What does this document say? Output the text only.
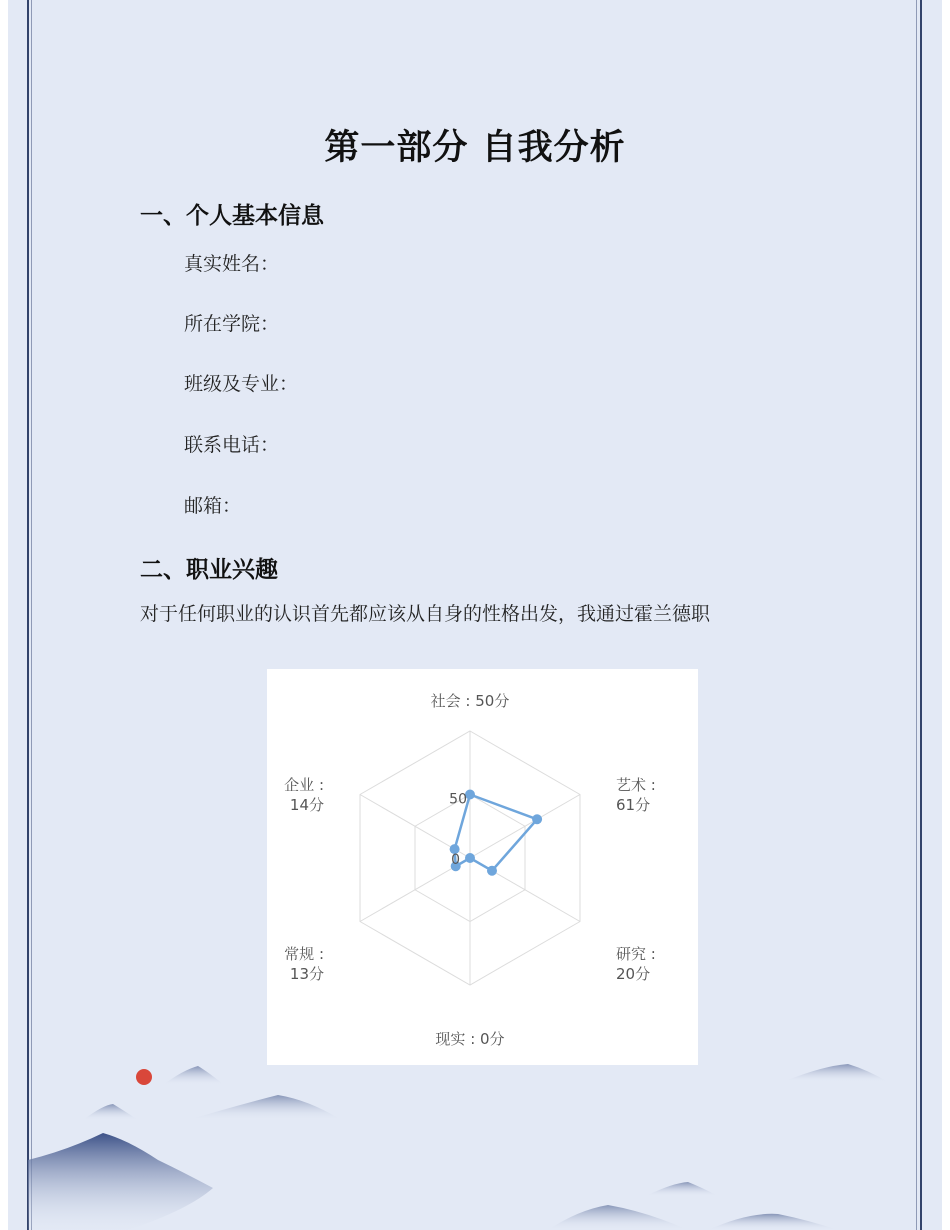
第一部分 自我分析
一、个人基本信息
真实姓名：
所在学院：
班级及专业：
联系电话：
邮箱：
二、职业兴趣
对于任何职业的认识首先都应该从自身的性格出发，我通过霍兰德职
0
50
社会 : 50分
现实 : 0分
艺术 :
61分
研究 :
20分
常规 :
13分
企业 :
14分
